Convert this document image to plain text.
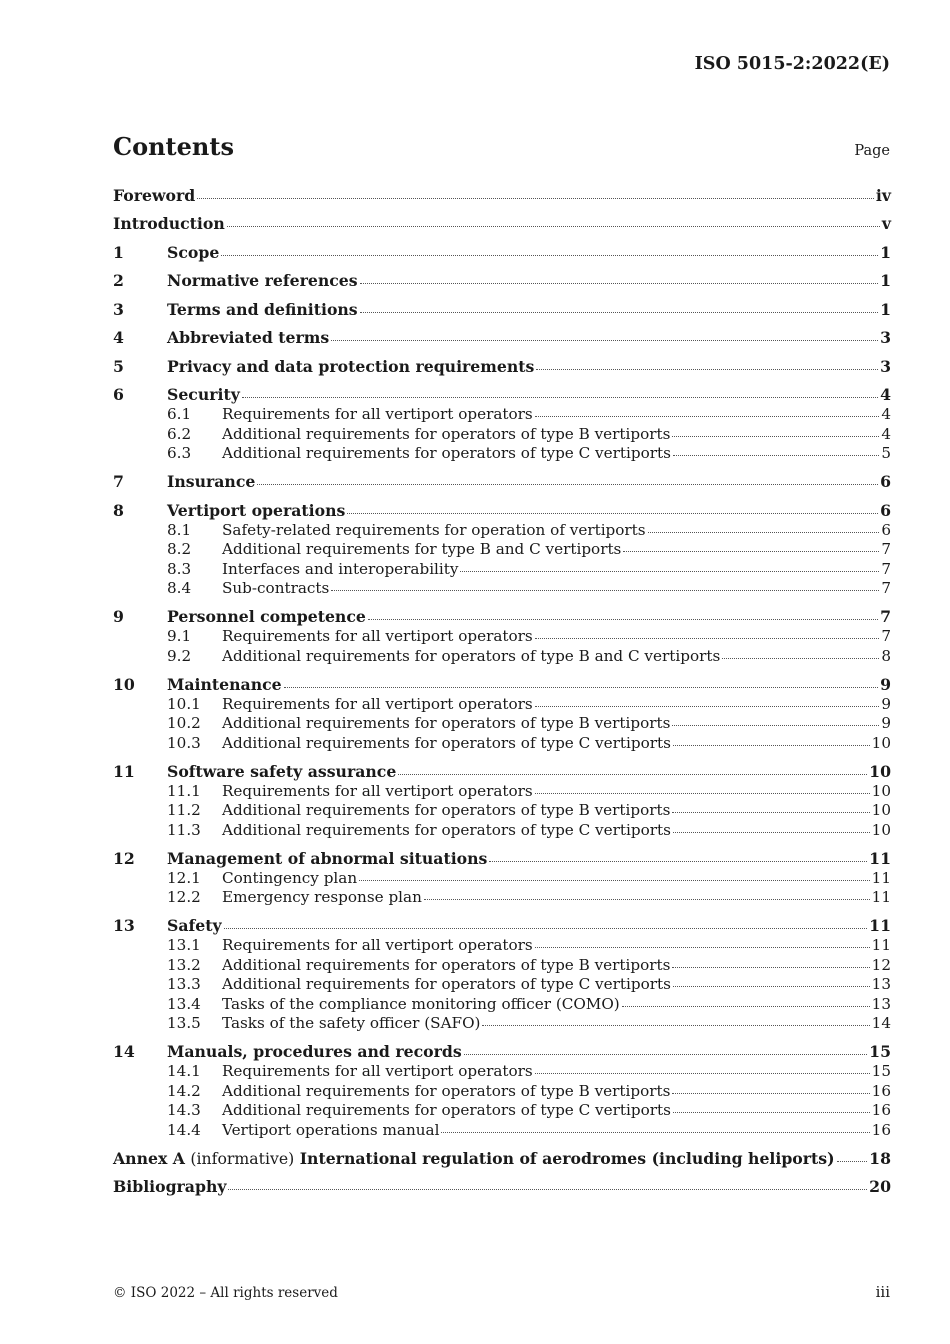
ISO 5015-2:2022(E)
Contents	Page
Foreword	iv
Introduction	v
1	Scope	1
2	Normative references	1
3	Terms and definitions	1
4	Abbreviated terms	3
5	Privacy and data protection requirements	3
6	Security	4
6.1	Requirements for all vertiport operators	4
6.2	Additional requirements for operators of type B vertiports	4
6.3	Additional requirements for operators of type C vertiports	5
7	Insurance	6
8	Vertiport operations	6
8.1	Safety-related requirements for operation of vertiports	6
8.2	Additional requirements for type B and C vertiports	7
8.3	Interfaces and interoperability	7
8.4	Sub-contracts	7
9	Personnel competence	7
9.1	Requirements for all vertiport operators	7
9.2	Additional requirements for operators of type B and C vertiports	8
10	Maintenance	9
10.1	Requirements for all vertiport operators	9
10.2	Additional requirements for operators of type B vertiports	9
10.3	Additional requirements for operators of type C vertiports	10
11	Software safety assurance	10
11.1	Requirements for all vertiport operators	10
11.2	Additional requirements for operators of type B vertiports	10
11.3	Additional requirements for operators of type C vertiports	10
12	Management of abnormal situations	11
12.1	Contingency plan	11
12.2	Emergency response plan	11
13	Safety	11
13.1	Requirements for all vertiport operators	11
13.2	Additional requirements for operators of type B vertiports	12
13.3	Additional requirements for operators of type C vertiports	13
13.4	Tasks of the compliance monitoring officer (COMO)	13
13.5	Tasks of the safety officer (SAFO)	14
14	Manuals, procedures and records	15
14.1	Requirements for all vertiport operators	15
14.2	Additional requirements for operators of type B vertiports	16
14.3	Additional requirements for operators of type C vertiports	16
14.4	Vertiport operations manual	16
Annex A (informative) International regulation of aerodromes (including heliports) 18
Bibliography	20
© ISO 2022 – All rights reserved	iii
